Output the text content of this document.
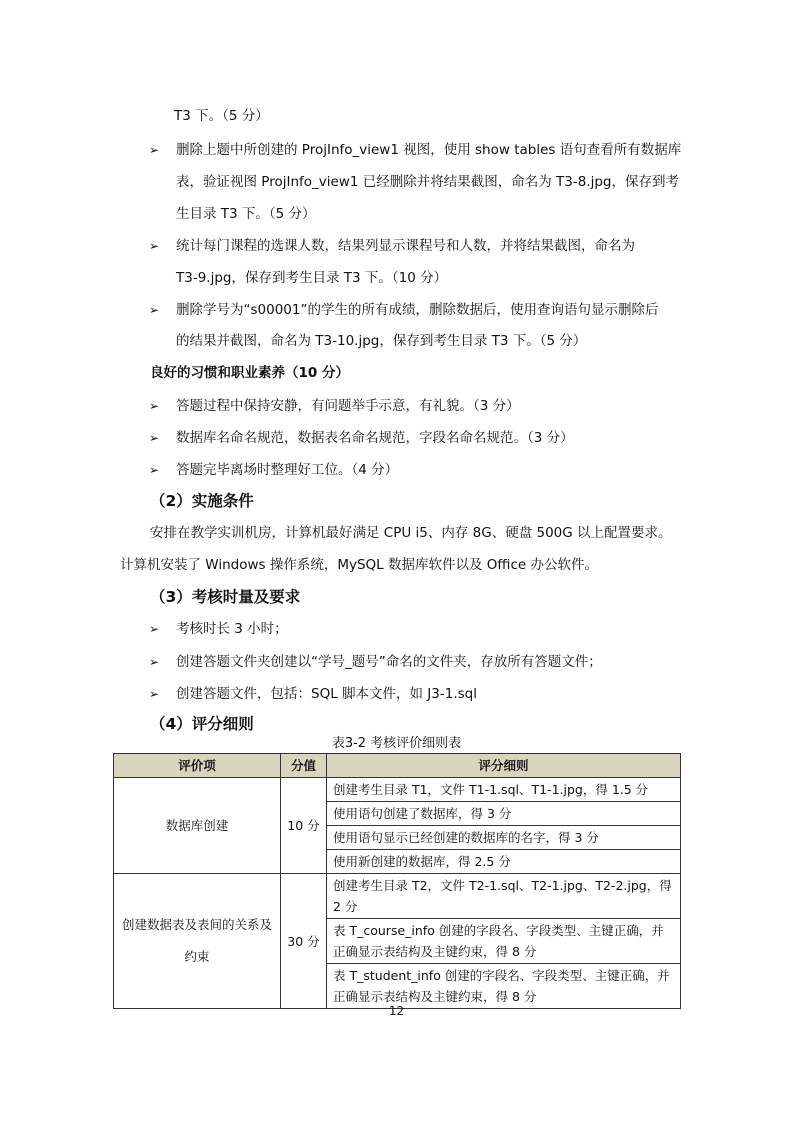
T3 下。（5 分）
➢ 删除上题中所创建的 ProjInfo_view1 视图，使用 show tables 语句查看所有数据库
表，验证视图 ProjInfo_view1 已经删除并将结果截图，命名为 T3-8.jpg，保存到考
生目录 T3 下。（5 分）
➢ 统计每门课程的选课人数，结果列显示课程号和人数，并将结果截图，命名为
T3-9.jpg，保存到考生目录 T3 下。（10 分）
➢ 删除学号为“s00001”的学生的所有成绩，删除数据后，使用查询语句显示删除后
的结果并截图，命名为 T3-10.jpg，保存到考生目录 T3 下。（5 分）
良好的习惯和职业素养（10 分）
➢ 答题过程中保持安静，有问题举手示意，有礼貌。（3 分）
➢ 数据库名命名规范，数据表名命名规范，字段名命名规范。（3 分）
➢ 答题完毕离场时整理好工位。（4 分）
（2）实施条件
安排在教学实训机房，计算机最好满足 CPU i5、内存 8G、硬盘 500G 以上配置要求。
计算机安装了 Windows 操作系统，MySQL 数据库软件以及 Office 办公软件。
（3）考核时量及要求
➢ 考核时长 3 小时；
➢ 创建答题文件夹创建以“学号_题号”命名的文件夹，存放所有答题文件；
➢ 创建答题文件，包括：SQL 脚本文件，如 J3-1.sql
（4）评分细则
表3-2 考核评价细则表
评价项	分值	评分细则
数据库创建	10 分	创建考生目录 T1，文件 T1-1.sql、T1-1.jpg，得 1.5 分
		使用语句创建了数据库，得 3 分
		使用语句显示已经创建的数据库的名字，得 3 分
		使用新创建的数据库，得 2.5 分
创建数据表及表间的关系及约束	30 分	创建考生目录 T2，文件 T2-1.sql、T2-1.jpg、T2-2.jpg，得 2 分
		表 T_course_info 创建的字段名、字段类型、主键正确，并正确显示表结构及主键约束，得 8 分
		表 T_student_info 创建的字段名、字段类型、主键正确，并正确显示表结构及主键约束，得 8 分
12
